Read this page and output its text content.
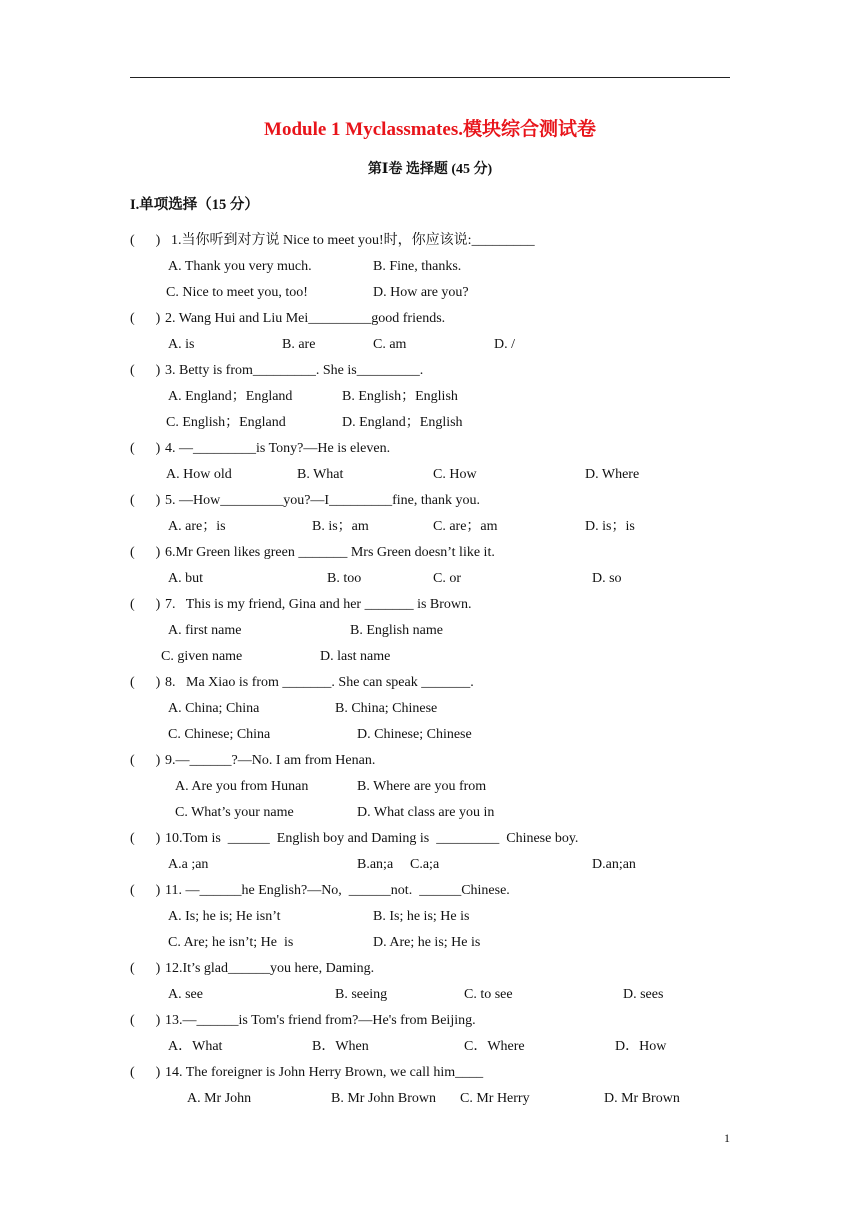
Module 1 Myclassmates.模块综合测试卷
第Ⅰ卷 选择题 (45 分)
I.单项选择（15 分）
(      ) 1.当你听到对方说 Nice to meet you!时，你应该说:_________
A. Thank you very much.	B. Fine, thanks.
C. Nice to meet you, too!	D. How are you?
(      ) 2. Wang Hui and Liu Mei_________good friends.
A. is	B. are	C. am	D. /
(      ) 3. Betty is from_________. She is_________.
A. England；England	B. English；English
C. English；England	D. England；English
(      ) 4. —_________is Tony?—He is eleven.
A. How old	B. What	C. How	D. Where
(      ) 5. —How_________you?—I_________fine, thank you.
A. are；is	B. is；am	C. are；am	D. is；is
(      ) 6.Mr Green likes green _______ Mrs Green doesn’t like it.
A. but	B. too	C. or	D. so
(      ) 7.   This is my friend, Gina and her _______ is Brown.
A. first name	B. English name
C. given name	D. last name
(      ) 8.   Ma Xiao is from _______. She can speak _______.
A. China; China	B. China; Chinese
C. Chinese; China	D. Chinese; Chinese
(      ) 9.—______?—No. I am from Henan.
A. Are you from Hunan	B. Where are you from
C. What’s your name	D. What class are you in
(      ) 10.Tom is  ______  English boy and Daming is  _________  Chinese boy.
A.a ;an	B.an;a C.a;a	D.an;an
(      ) 11. —______he English?—No,  ______not.  ______Chinese.
A. Is; he is; He isn’t	B. Is; he is; He is
C. Are; he isn’t; He  is	D. Are; he is; He is
(      ) 12.It’s glad______you here, Daming.
A. see	B. seeing	C. to see	D. sees
(      ) 13.—______is Tom's friend from?—He's from Beijing.
A．What	B．When	C．Where	D．How
(      ) 14. The foreigner is John Herry Brown, we call him____
A. Mr John	B. Mr John Brown C. Mr Herry	D. Mr Brown
1
